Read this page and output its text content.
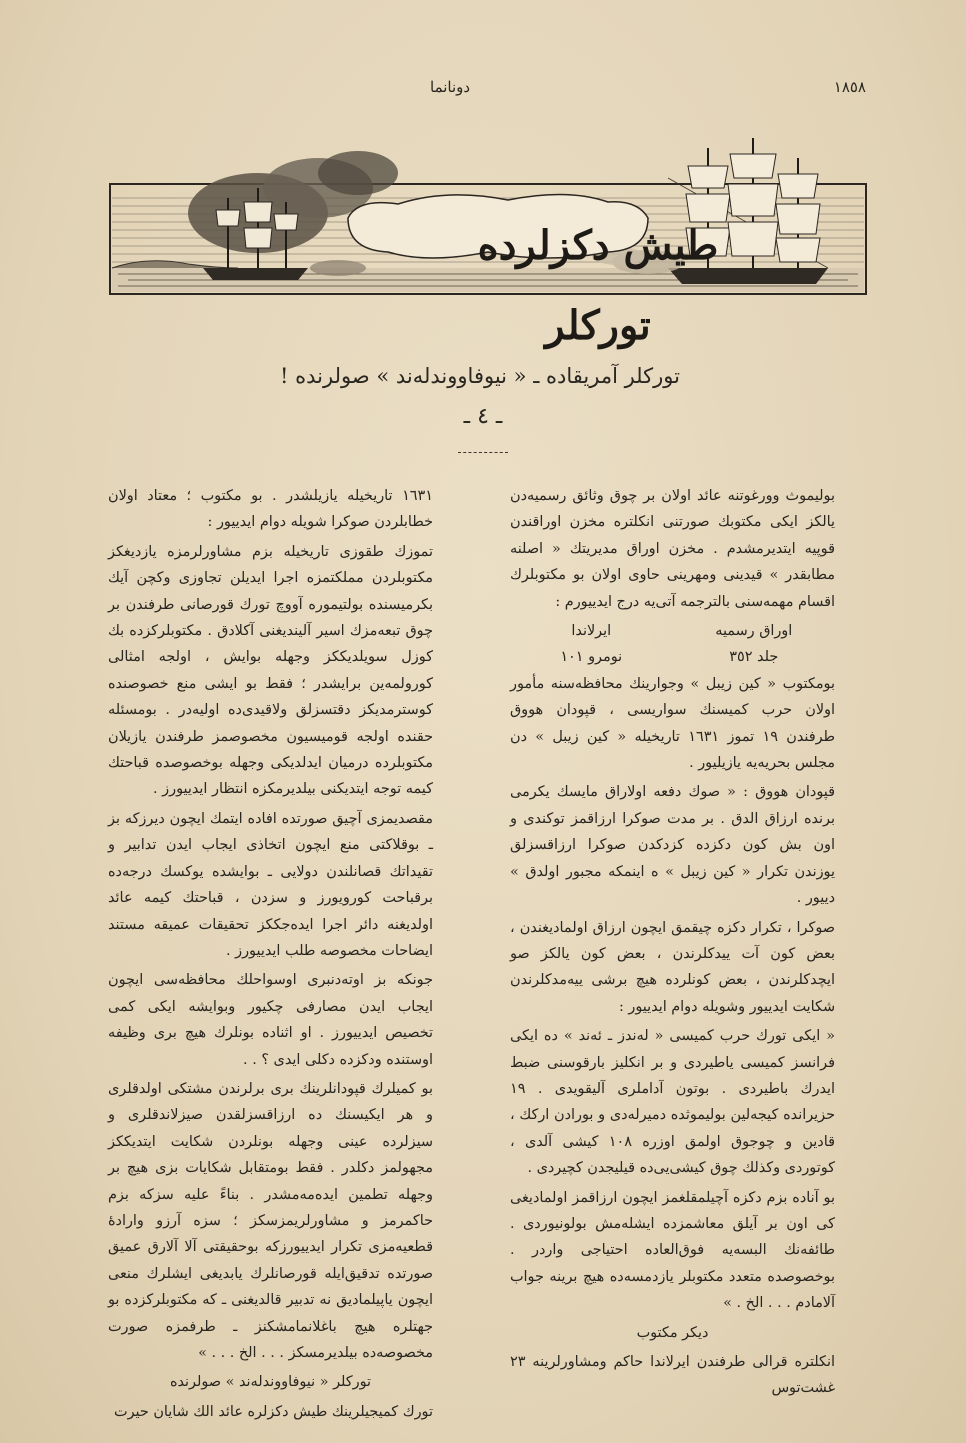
١٨٥٨
دونانما
طیش دکزلرده تورکلر
تورکلر آمریقاده ـ « نیوفاووندلەند » صولرنده !
ـ ٤ ـ

بولیموث وورغوتنه عائد اولان بر چوق وثائق رسمیه‌دن یالکز ایکی مکتوبك صورتنی انکلتره مخزن اوراقندن قوپیه ایتدیرمشدم . مخزن اوراق مدیریتك « اصلنه مطابقدر » قیدینی ومهرینی حاوی اولان بو مکتوبلرك اقسام مهمه‌سنی بالترجمه آتی‌یه درج ایدییورم :

اوراق رسمیه
ایرلاندا
جلد ٣٥٢
نومرو ١٠١

بومکتوب « کین زیبل » وجوارینك محافظه‌سنه مأمور اولان حرب کمیسنك سواریسی ، قپودان هووق طرفندن ١٩ تموز ١٦٣١ تاریخیله « کین زیبل » دن مجلس بحریه‌یه یازیلیور .

قپودان هووق : « صوك دفعه اولاراق مایسك یکرمی برنده ارزاق الدق . بر مدت صوکرا ارزاقمز توکندی و اون بش کون دکزده کزدکدن صوکرا ارزاقسزلق یوزندن تکرار « کین زیبل » ه اینمکه مجبور اولدق » دییور .

صوکرا ، تکرار دکزه چیقمق ایچون ارزاق اولمادیغندن ، بعض کون آت ییدکلرندن ، بعض کون یالکز صو ایچدکلرندن ، بعض کونلرده هیچ برشی ییه‌مدکلرندن شکایت ایدییور وشویله دوام ایدییور :

« ایکی تورك حرب کمیسی « لەندز ـ ئەند » ده ایکی فرانسز کمیسی یاطیردی و بر انکلیز بارقوسنی ضبط ایدرك باطیردی . بوتون آداملری آلیقویدی . ١٩ حزیرانده کیجه‌لین بولیموثده دمیرلەدی و بورادن ارکك ، قادین و چوجوق اولمق اوزره ١٠٨ کیشی آلدی ، کوتوردی وکذلك چوق کیشی‌یی‌ده قیلیجدن کچیردی .

بو آناده بزم دکزه آچیلمقلغمز ایچون ارزاقمز اولمادیغی کی اون بر آیلق معاشمزده ایشله‌مش بولونیوردی . طائفه‌نك البسه‌یه فوق‌العاده احتیاجی واردر . بوخصوصده متعدد مکتوبلر یازدمسه‌ده هیچ برینه جواب آلامادم . . . الخ . »

دیکر مکتوب

انکلتره قرالی طرفندن ایرلاندا حاکم ومشاورلرینه ٢٣ غشت‌توس

١٦٣١ تاریخیله یازیلشدر . بو مکتوب ؛ معتاد اولان خطابلردن صوکرا شویله دوام ایدییور :

تموزك طقوزی تاریخیله بزم مشاورلرمزه یازدیغکز مکتوبلردن مملکتمزه اجرا ایدیلن تجاوزی وکچن آیك بکرمیسنده بولتیموره آووچ تورك قورصانی طرفندن بر چوق تبعه‌مزك اسیر آلیندیغنی آکلادق . مکتوبلرکزده بك کوزل سویلدیککز وجهله بوایش ، اولجه امثالی کورولمه‌ین برایشدر ؛ فقط بو ایشی منع خصوصنده کوسترمدیکز دقتسزلق ولاقیدی‌ده اولیه‌در . بومسئله حقنده اولجه قومیسیون مخصوصمز طرفندن یازیلان مکتوبلرده درمیان ایدلدیکی وجهله بوخصوصده قباحتك کیمه توجه ایتدیکنی بیلدیرمکزه انتظار ایدییورز .

مقصدیمزی آچیق صورتده افاده ایتمك ایچون دیرزکه بز ـ بوقلاکتی منع ایچون اتخاذی ایجاب ایدن تدابیر و تقیداتك قصانلندن دولایی ـ بوایشده یوکسك درجه‌ده برقباحت کورویورز و سزدن ، قباحتك کیمه عائد اولدیغنه دائر اجرا ایده‌جککز تحقیقات عمیقه مستند ایضاحات مخصوصه طلب ایدییورز .

جونکه بز اوته‌دنبری اوسواحلك محافظه‌سی ایچون ایجاب ایدن مصارفی چکیور وبوایشه ایکی کمی تخصیص ایدییورز . او اثناده بونلرك هیچ بری وظیفه اوستنده ودکزده دکلی ایدی ؟ . .

بو کمیلرك قپودانلرینك بری برلرندن مشتکی اولدقلری و هر ایکیسنك ده ارزاقسزلقدن صیزلاندقلری و سیزلرده عینی وجهله بونلردن شکایت ایتدیککز مجهولمز دکلدر . فقط بومتقابل شکایات بزی هیچ بر وجهله تطمین ایده‌مه‌مشدر . بناءً علیه سزکه بزم حاکمرمز و مشاورلریمزسکز ؛ سزه آرزو وارادهٔ قطعیه‌مزی تکرار ایدییورزکه بوحقیقتی آلا آلارق عمیق صورتده تدقیق‌ایله قورصانلرك یابدیغی ایشلرك منعی ایچون یاپیلمادیق نه تدبیر قالدیغنی ـ که مکتوبلرکزده بو جهتلره هیچ باغلانمامشکنز ـ طرفمزه صورت مخصوصه‌ده بیلدیرمسکز . . . الخ . . . »

تورکلر « نیوفاووندلەند » صولرنده

تورك کمیجیلرینك طیش دکزلره عائد الك شایان حیرت
